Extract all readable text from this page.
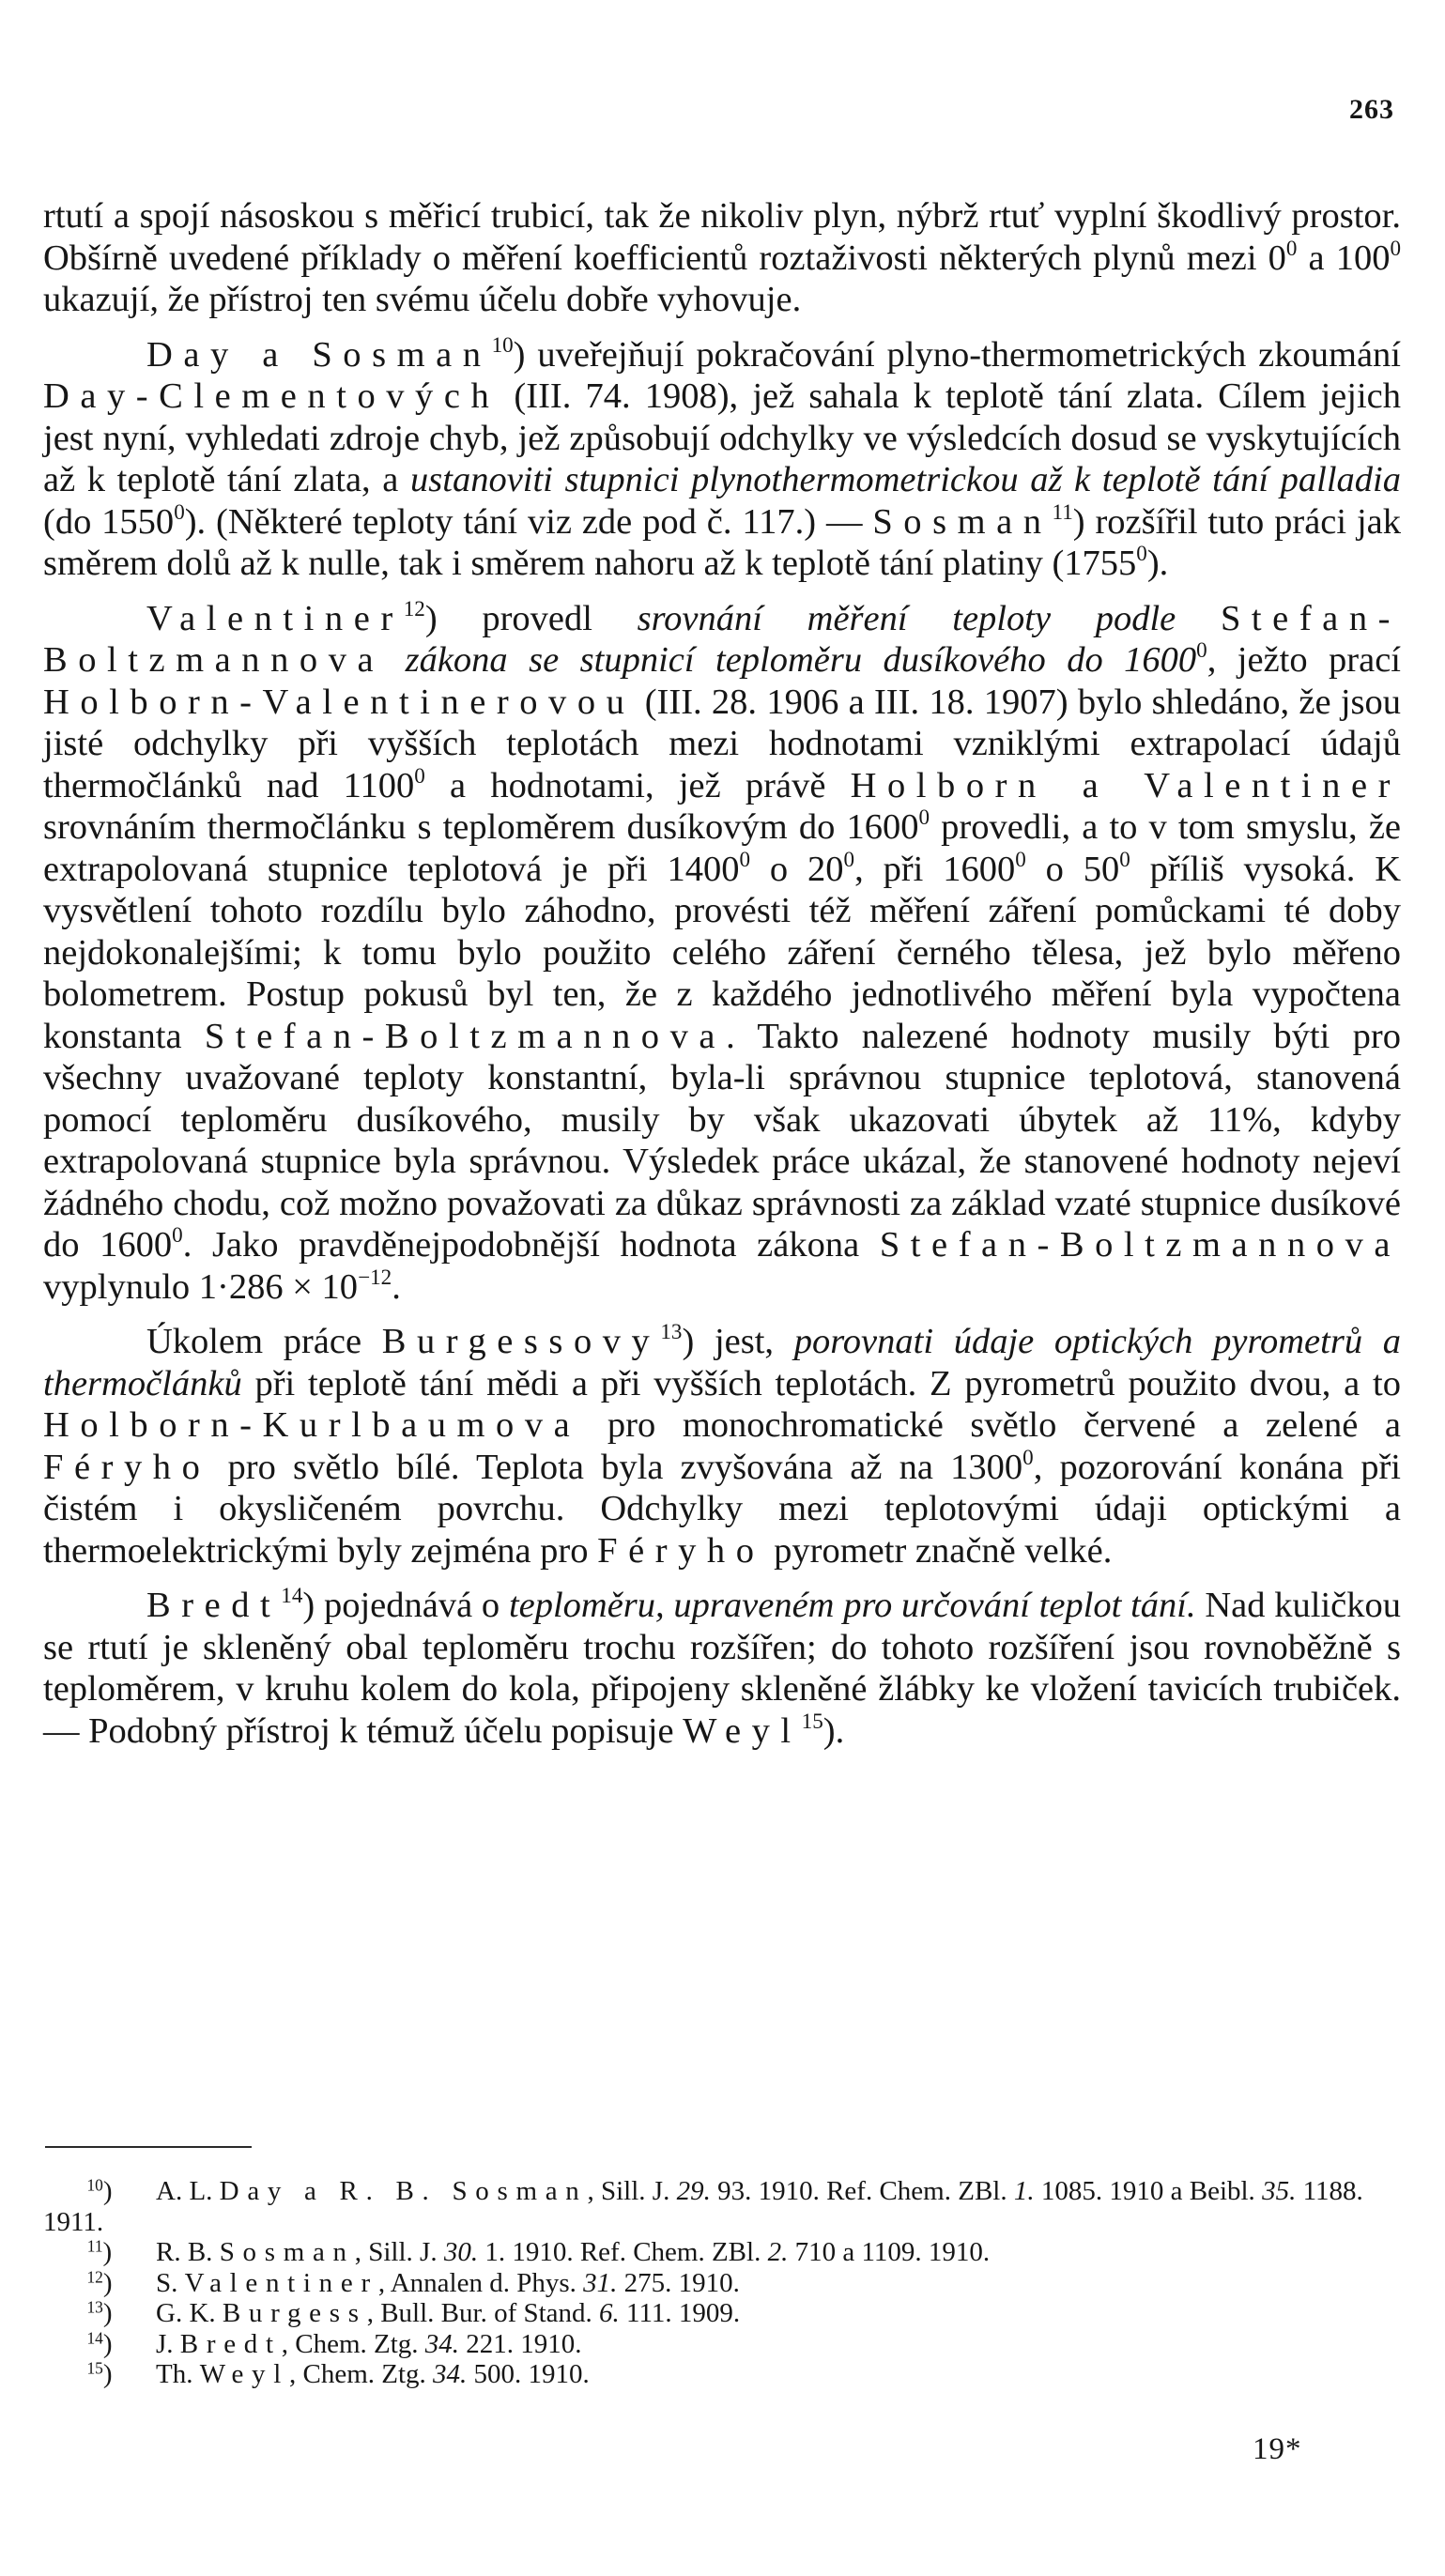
263

rtutí a spojí násoskou s měřicí trubicí, tak že nikoliv plyn, nýbrž rtuť vyplní škodlivý prostor. Obšírně uvedené příklady o měření koefficientů roztaživosti některých plynů mezi $0^0$ a $100^0$ ukazují, že přístroj ten svému účelu dobře vyhovuje.

Day a Sosman$^{10}$) uveřejňují pokračování plyno-thermometrických zkoumání Day-Clementových (III. 74. 1908), jež sahala k teplotě tání zlata. Cílem jejich jest nyní, vyhledati zdroje chyb, jež způsobují odchylky ve výsledcích dosud se vyskytujících až k teplotě tání zlata, a ustanoviti stupnici plynothermometrickou až k teplotě tání palladia (do 1550$^0$). (Některé teploty tání viz zde pod č. 117.) — Sosman$^{11}$) rozšířil tuto práci jak směrem dolů až k nulle, tak i směrem nahoru až k teplotě tání platiny (1755$^0$).

Valentiner$^{12}$) provedl srovnání měření teploty podle Stefan-Boltzmannova zákona se stupnicí teploměru dusíkového do 1600$^0$, ježto prací Holborn-Valentinerovou (III. 28. 1906 a III. 18. 1907) bylo shledáno, že jsou jisté odchylky při vyšších teplotách mezi hodnotami vzniklými extrapolací údajů thermočlánků nad 1100$^0$ a hodnotami, jež právě Holborn a Valentiner srovnáním thermočlánku s teploměrem dusíkovým do 1600$^0$ provedli, a to v tom smyslu, že extrapolovaná stupnice teplotová je při 1400$^0$ o $20^0$, při 1600$^0$ o $50^0$ příliš vysoká. K vysvětlení tohoto rozdílu bylo záhodno, provésti též měření záření pomůckami té doby nejdokonalejšími; k tomu bylo použito celého záření černého tělesa, jež bylo měřeno bolometrem. Postup pokusů byl ten, že z každého jednotlivého měření byla vypočtena konstanta Stefan-Boltzmannova. Takto nalezené hodnoty musily býti pro všechny uvažované teploty konstantní, byla-li správnou stupnice teplotová, stanovená pomocí teploměru dusíkového, musily by však ukazovati úbytek až 11%, kdyby extrapolovaná stupnice byla správnou. Výsledek práce ukázal, že stanovené hodnoty nejeví žádného chodu, což možno považovati za důkaz správnosti za základ vzaté stupnice dusíkové do 1600$^0$. Jako pravděnejpodobnější hodnota zákona Stefan-Boltzmannova vyplynulo $1\cdot 286 \times 10^{-12}$.

Úkolem práce Burgessovy$^{13}$) jest, porovnati údaje optických pyrometrů a thermočlánků při teplotě tání mědi a při vyšších teplotách. Z pyrometrů použito dvou, a to Holborn-Kurlbaumova pro monochromatické světlo červené a zelené a Féryho pro světlo bílé. Teplota byla zvyšována až na 1300$^0$, pozorování konána při čistém i okysličeném povrchu. Odchylky mezi teplotovými údaji optickými a thermoelektrickými byly zejména pro Féryho pyrometr značně velké.

Bredt$^{14}$) pojednává o teploměru, upraveném pro určování teplot tání. Nad kuličkou se rtutí je skleněný obal teploměru trochu rozšířen; do tohoto rozšíření jsou rovnoběžně s teploměrem, v kruhu kolem do kola, připojeny skleněné žlábky ke vložení tavicích trubiček. — Podobný přístroj k témuž účelu popisuje Weyl$^{15}$).

$^{10}$) A. L. Day a R. B. Sosman, Sill. J. 29. 93. 1910. Ref. Chem. ZBl. 1. 1085. 1910 a Beibl. 35. 1188. 1911.

$^{11}$) R. B. Sosman, Sill. J. 30. 1. 1910. Ref. Chem. ZBl. 2. 710 a 1109. 1910.

$^{12}$) S. Valentiner, Annalen d. Phys. 31. 275. 1910.

$^{13}$) G. K. Burgess, Bull. Bur. of Stand. 6. 111. 1909.

$^{14}$) J. Bredt, Chem. Ztg. 34. 221. 1910.

$^{15}$) Th. Weyl, Chem. Ztg. 34. 500. 1910.

19*
